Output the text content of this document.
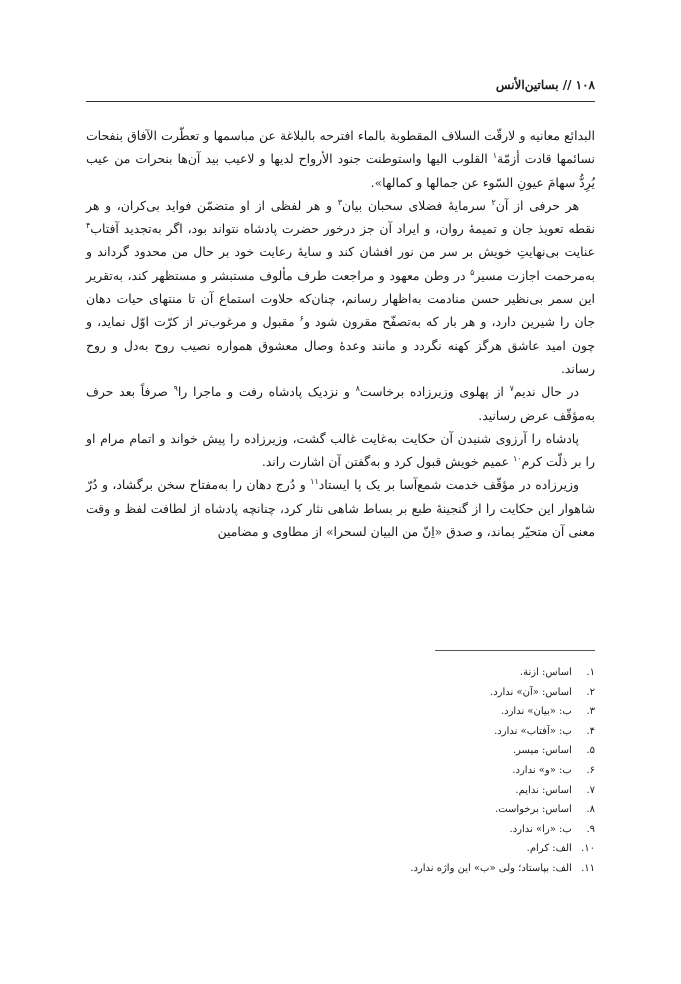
۱۰۸ // بساتین‌الأنس

البدائع معانیه و لارقّت السلاف المقطوبة بالماء افترحه بالبلاغة عن مباسمها و تعطّرت الآفاق بنفحات نسائمها قادت أزمّة$^۱$ القلوب الیها واستوطنت جنود الأرواح لدیها و لاعیب بید آن‌ها بنحرات من عیب یُرِدُّ سهامَ عیونِ السّوء عن جمالها و کمالها».

هر حرفی از آن$^۲$ سرمایهٔ فضلای سحبان بیان$^۳$ و هر لفظی از او متضمّن فواید بی‌کران، و هر نقطه تعویذ جان و تمیمهٔ روان، و ایراد آن جز درخور حضرت پادشاه نتواند بود، اگر به‌تجدید آفتاب$^۴$ عنایت بی‌نهایتِ خویش بر سر من نور افشان کند و سایهٔ رعایت خود بر حال من محدود گرداند و به‌مرحمت اجازت مسیر$^۵$ در وطن معهود و مراجعت طرف مألوف مستبشر و مستظهر کند، به‌تقریر این سمر بی‌نظیر حسن منادمت به‌اظهار رسانم، چنان‌که حلاوت استماع آن تا منتهای حیات دهان جان را شیرین دارد، و هر بار که به‌تصفّح مقرون شود و$^۶$ مقبول و مرغوب‌تر از کرّت اوّل نماید، و چون امید عاشق هرگز کهنه نگردد و مانند وعدهٔ وصال معشوق همواره نصیب روح به‌دل و روح رساند.

در حال ندیم$^۷$ از پهلوی وزیرزاده برخاست$^۸$ و نزدیک پادشاه رفت و ماجرا را$^۹$ صرفاً بعد حرف به‌مؤقّف عرض رسانید.

پادشاه را آرزوی شنیدن آن حکایت به‌غایت غالب گشت، وزیرزاده را پیش خواند و اتمام مرام او را بر ذلّت کرم$^{۱۰}$ عمیم خویش قبول کرد و به‌گفتن آن اشارت راند.

وزیرزاده در مؤقّف خدمت شمع‌آسا بر یک پا ایستاد$^{۱۱}$ و دُرج دهان را به‌مفتاح سخن برگشاد، و دُرّ شاهوار این حکایت را از گنجینهٔ طبع بر بساط شاهی نثار کرد، چنانچه پادشاه از لطافت لفظ و وقت معنی آن متحیّر بماند، و صدق «اِنّ من البیان لسحرا» از مطاوی و مضامین

۱. اساس: ازنة.
۲. اساس: «آن» ندارد.
۳. ب: «بیان» ندارد.
۴. ب: «آفتاب» ندارد.
۵. اساس: میسر.
۶. ب: «و» ندارد.
۷. اساس: ندایم.
۸. اساس: برخواست.
۹. ب: «را» ندارد.
۱۰. الف: کرام.
۱۱. الف: بپاستاد؛ ولی «ب» این واژه ندارد.
